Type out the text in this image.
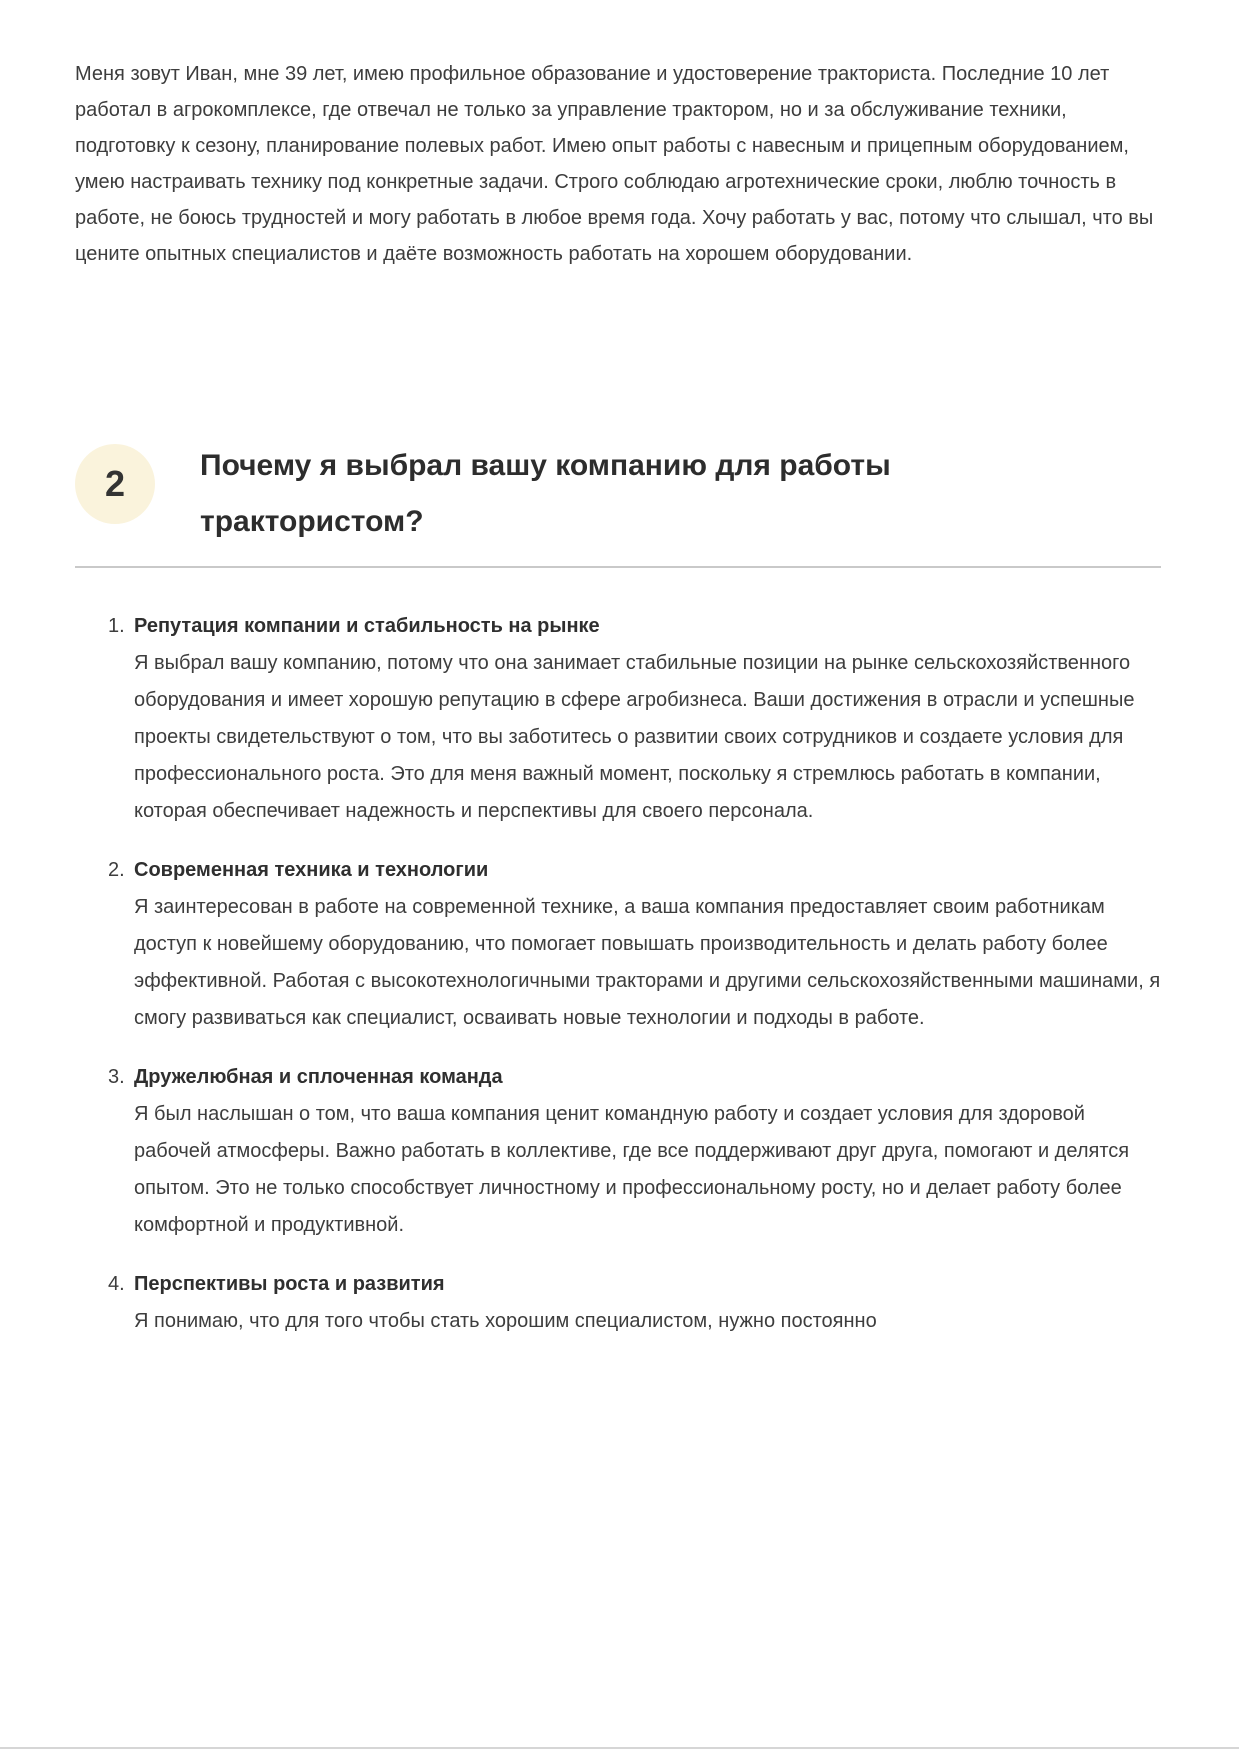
Меня зовут Иван, мне 39 лет, имею профильное образование и удостоверение тракториста. Последние 10 лет работал в агрокомплексе, где отвечал не только за управление трактором, но и за обслуживание техники, подготовку к сезону, планирование полевых работ. Имею опыт работы с навесным и прицепным оборудованием, умею настраивать технику под конкретные задачи. Строго соблюдаю агротехнические сроки, люблю точность в работе, не боюсь трудностей и могу работать в любое время года. Хочу работать у вас, потому что слышал, что вы цените опытных специалистов и даёте возможность работать на хорошем оборудовании.

2 Почему я выбрал вашу компанию для работы трактористом?
1. Репутация компании и стабильность на рынке
Я выбрал вашу компанию, потому что она занимает стабильные позиции на рынке сельскохозяйственного оборудования и имеет хорошую репутацию в сфере агробизнеса. Ваши достижения в отрасли и успешные проекты свидетельствуют о том, что вы заботитесь о развитии своих сотрудников и создаете условия для профессионального роста. Это для меня важный момент, поскольку я стремлюсь работать в компании, которая обеспечивает надежность и перспективы для своего персонала.
2. Современная техника и технологии
Я заинтересован в работе на современной технике, а ваша компания предоставляет своим работникам доступ к новейшему оборудованию, что помогает повышать производительность и делать работу более эффективной. Работая с высокотехнологичными тракторами и другими сельскохозяйственными машинами, я смогу развиваться как специалист, осваивать новые технологии и подходы в работе.
3. Дружелюбная и сплоченная команда
Я был наслышан о том, что ваша компания ценит командную работу и создает условия для здоровой рабочей атмосферы. Важно работать в коллективе, где все поддерживают друг друга, помогают и делятся опытом. Это не только способствует личностному и профессиональному росту, но и делает работу более комфортной и продуктивной.
4. Перспективы роста и развития
Я понимаю, что для того чтобы стать хорошим специалистом, нужно постоянно
